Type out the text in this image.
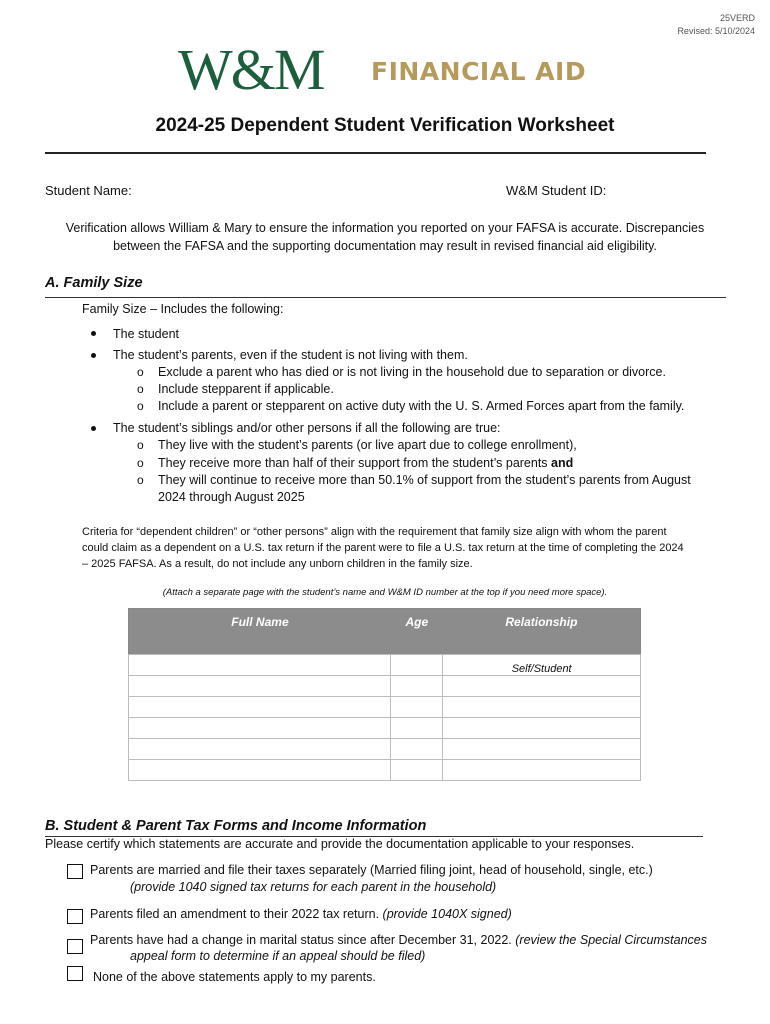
25VERD
Revised: 5/10/2024
W&M FINANCIAL AID
2024-25 Dependent Student Verification Worksheet
Student Name:	W&M Student ID:
Verification allows William & Mary to ensure the information you reported on your FAFSA is accurate. Discrepancies
between the FAFSA and the supporting documentation may result in revised financial aid eligibility.
A. Family Size
Family Size – Includes the following:
The student
The student’s parents, even if the student is not living with them.
o Exclude a parent who has died or is not living in the household due to separation or divorce.
o Include stepparent if applicable.
o Include a parent or stepparent on active duty with the U. S. Armed Forces apart from the family.
The student’s siblings and/or other persons if all the following are true:
o They live with the student’s parents (or live apart due to college enrollment),
o They receive more than half of their support from the student’s parents and
o They will continue to receive more than 50.1% of support from the student’s parents from August
2024 through August 2025
Criteria for “dependent children” or “other persons” align with the requirement that family size align with whom the parent
could claim as a dependent on a U.S. tax return if the parent were to file a U.S. tax return at the time of completing the 2024
– 2025 FAFSA. As a result, do not include any unborn children in the family size.
(Attach a separate page with the student’s name and W&M ID number at the top if you need more space).
Full Name	Age	Relationship
		Self/Student

B. Student & Parent Tax Forms and Income Information
Please certify which statements are accurate and provide the documentation applicable to your responses.
Parents are married and file their taxes separately (Married filing joint, head of household, single, etc.)
(provide 1040 signed tax returns for each parent in the household)
Parents filed an amendment to their 2022 tax return. (provide 1040X signed)
Parents have had a change in marital status since after December 31, 2022. (review the Special Circumstances
appeal form to determine if an appeal should be filed)
None of the above statements apply to my parents.
